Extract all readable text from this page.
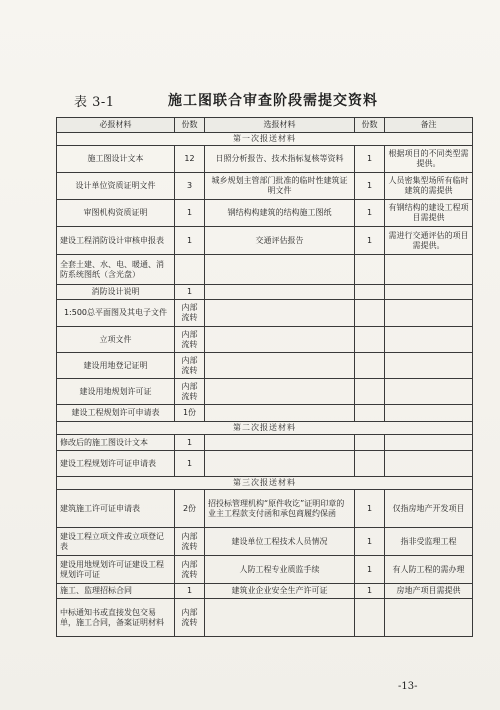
表 3-1	施工图联合审查阶段需提交资料
必报材料	份数	选报材料	份数	备注
第一次报送材料				
施工图设计文本	12	日照分析报告、技术指标复核等资料	1	根据项目的不同类型需提供。
设计单位资质证明文件	3	城乡规划主管部门批准的临时性建筑证明文件	1	人员密集型场所有临时建筑的需提供
审图机构资质证明	1	钢结构构建筑的结构施工图纸	1	有钢结构的建设工程项目需提供
建设工程消防设计审核申报表	1	交通评估报告	1	需进行交通评估的项目需提供。
全套土建、水、电、暖通、消防系统图纸（含光盘）				
消防设计说明	1			
1:500总平面图及其电子文件	内部流转			
立项文件	内部流转			
建设用地登记证明	内部流转			
建设用地规划许可证	内部流转			
建设工程规划许可申请表	1份			
第二次报送材料				
修改后的施工图设计文本	1			
建设工程规划许可证申请表	1			
第三次报送材料				
建筑施工许可证申请表	2份	招投标管理机构“原件收讫”证明印章的业主工程款支付函和承包商履约保函	1	仅指房地产开发项目
建设工程立项文件或立项登记表	内部流转	建设单位工程技术人员情况	1	指非受监理工程
建设用地规划许可证建设工程规划许可证	内部流转	人防工程专业质监手续	1	有人防工程的需办理
施工、监理招标合同	1	建筑业企业安全生产许可证	1	房地产项目需提供
中标通知书或直接发包交易单，施工合同，备案证明材料	内部流转			
-13-
